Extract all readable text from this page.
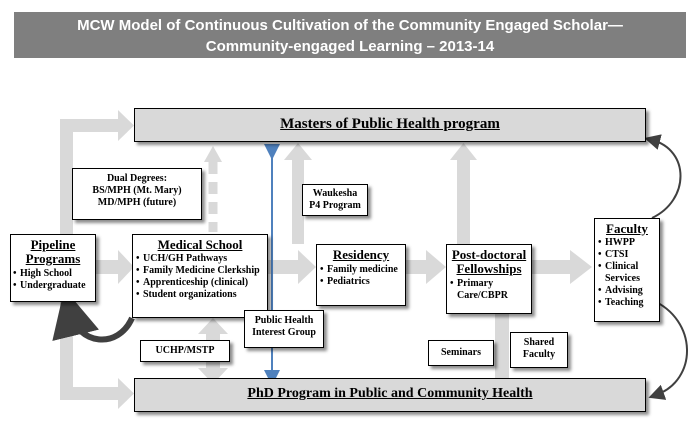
MCW Model of Continuous Cultivation of the Community Engaged Scholar—
Community-engaged Learning – 2013-14
Masters of Public Health program
PhD Program in Public and Community Health
Dual Degrees:
BS/MPH (Mt. Mary)
MD/MPH (future)
Pipeline
Programs
• High School
• Undergraduate
Medical School
• UCH/GH Pathways
• Family Medicine Clerkship
• Apprenticeship (clinical)
• Student organizations
Waukesha
P4 Program
Residency
• Family medicine
• Pediatrics
Post-doctoral
Fellowships
• Primary Care/CBPR
Faculty
• HWPP
• CTSI
• Clinical Services
• Advising
• Teaching
Public Health
Interest Group
UCHP/MSTP	Seminars
Shared
Faculty
